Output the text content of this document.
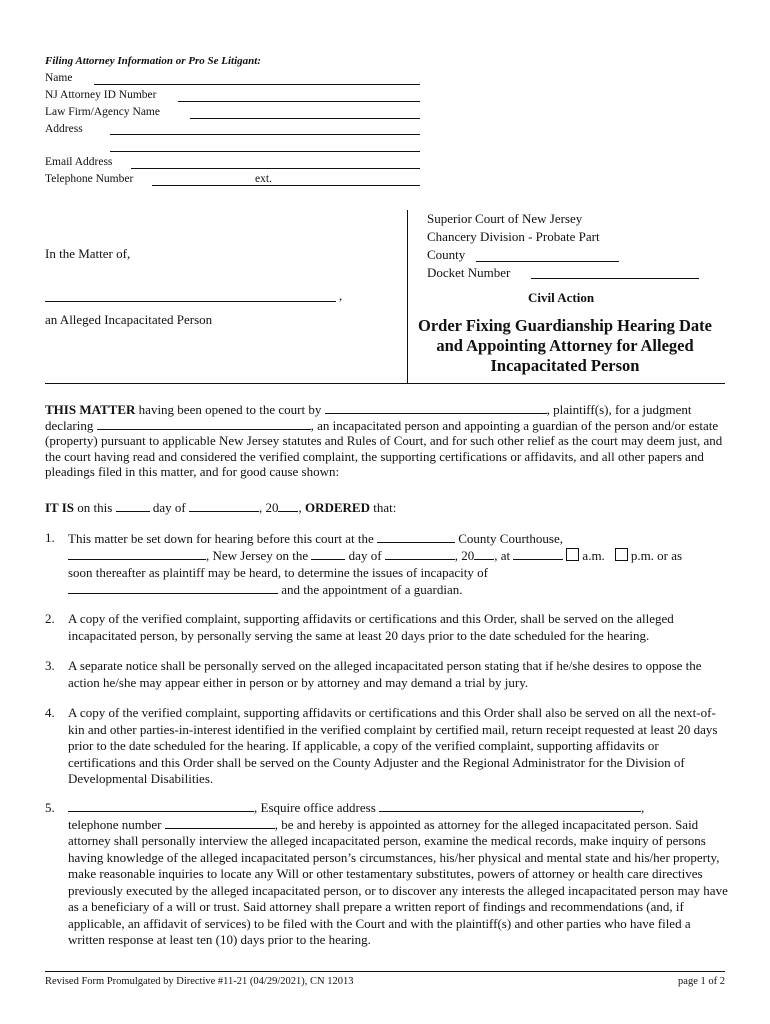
Filing Attorney Information or Pro Se Litigant:
Name
NJ Attorney ID Number
Law Firm/Agency Name
Address
Email Address
Telephone Number	ext.
Superior Court of New Jersey
Chancery Division - Probate Part
County
Docket Number
Civil Action
In the Matter of,
,
an Alleged Incapacitated Person	Order Fixing Guardianship Hearing Date and Appointing Attorney for Alleged Incapacitated Person
THIS MATTER having been opened to the court by	, plaintiff(s), for a judgment declaring	, an incapacitated person and appointing a guardian of the person and/or estate (property) pursuant to applicable New Jersey statutes and Rules of Court, and for such other relief as the court may deem just, and the court having read and considered the verified complaint, the supporting certifications or affidavits, and all other papers and pleadings filed in this matter, and for good cause shown:
IT IS on this	day of	, 20 , ORDERED that:
1. This matter be set down for hearing before this court at the	County Courthouse,
, New Jersey on the	day of	, 20 , at	a.m. p.m. or as
soon thereafter as plaintiff may be heard, to determine the issues of incapacity of
and the appointment of a guardian.
2. A copy of the verified complaint, supporting affidavits or certifications and this Order, shall be served on the alleged incapacitated person, by personally serving the same at least 20 days prior to the date scheduled for the hearing.
3. A separate notice shall be personally served on the alleged incapacitated person stating that if he/she desires to oppose the action he/she may appear either in person or by attorney and may demand a trial by jury.
4. A copy of the verified complaint, supporting affidavits or certifications and this Order shall also be served on all the next-of-kin and other parties-in-interest identified in the verified complaint by certified mail, return receipt requested at least 20 days prior to the date scheduled for the hearing. If applicable, a copy of the verified complaint, supporting affidavits or certifications and this Order shall be served on the County Adjuster and the Regional Administrator for the Division of Developmental Disabilities.
5.	, Esquire office address	,
telephone number	, be and hereby is appointed as attorney for the alleged incapacitated person. Said attorney shall personally interview the alleged incapacitated person, examine the medical records, make inquiry of persons having knowledge of the alleged incapacitated person’s circumstances, his/her physical and mental state and his/her property, make reasonable inquiries to locate any Will or other testamentary substitutes, powers of attorney or health care directives previously executed by the alleged incapacitated person, or to discover any interests the alleged incapacitated person may have as a beneficiary of a will or trust. Said attorney shall prepare a written report of findings and recommendations (and, if applicable, an affidavit of services) to be filed with the Court and with the plaintiff(s) and other parties who have filed a written response at least ten (10) days prior to the hearing.
Revised Form Promulgated by Directive #11-21 (04/29/2021), CN 12013	page 1 of 2
